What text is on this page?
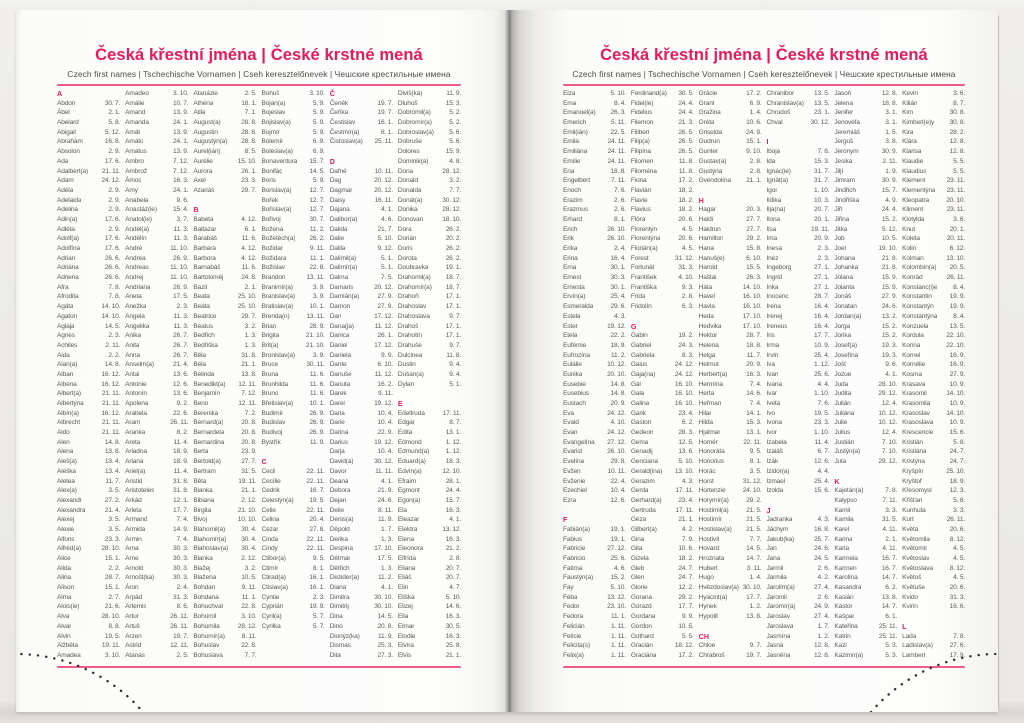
Česká křestní jména | České krstné mená
Czech first names | Tschechische Vornamen | Cseh keresztelőnevek | Чешские крестильные имена
A
Abdon	30. 7.
Ábel	2. 1.
Abelard	5. 8.
Abigail	5. 12.
Abrahám	16. 8.
Absolon	2. 9.
Ada	17. 6.
Adalbert(a) 21. 11.
Adam	24. 12.
Adéla	2. 9.
Adelaida	2. 9.
Adelina	2. 9.
Adin(a)	17. 6.
Adléta	2. 9.
Adolf(a)	17. 6.
Adolfína	17. 6.
Adrian	26. 6.
Adriána	26. 6.
Adriena	26. 6.
Afra	7. 8.
Afrodita	7. 8.
Agáta	14. 10.
Agaton	14. 10.
Aglaja	14. 5.
Agnes	2. 3.
Achiles	2. 11.
Aida	2. 2.
Alan(a)	14. 8.
Alban	16. 12.
Albena	16. 12.
Albert(a)	21. 11.
Albertýna	21. 11.
Albín(a)	16. 12.
Albrecht	21. 11.
Aldo	21. 11.
Alen	14. 8.
Alena	13. 8.
Aleš(a)	13. 4.
Aleška	13. 4.
Aletea	11. 7.
Alex(a)	3. 5.
Alexandr	27. 2.
Alexandra	21. 4.
Alexej	3. 5.
Alexie	3. 5.
Alfons	23. 3.
Alfréd(a)	28. 10.
Alice	15. 1.
Alida	2. 2.
Alina	28. 7.
Alison	15. 1.
Alma	2. 7.
Alois(ie)	21. 6.
Alva	28. 10.
Alvar	8. 8.
Alvin	19. 5.
Alžběta	19. 11.
Amadea	3. 10.
Amadeo	3. 10.
Amálie	10. 7.
Amand	13. 9.
Amanda	24. 1.
Amát	13. 9.
Amáto	24. 1.
Amatus	13. 9.
Ambro	7. 12.
Ambrož	7. 12.
Ámos	16. 3.
Amy	24. 1.
Anabela	9. 6.
Anastáz(ie) 15. 4.
Anatol(ie)	3. 7.
Anděl(a)	11. 3.
Andělín	11. 3.
André	11. 10.
Andrea	26. 9.
Andreas	11. 10.
Andrej	11. 10.
Andriana	26. 9.
Aneta	17. 5.
Anežka	2. 3.
Angela	11. 3.
Angelika	11. 3.
Anika	26. 7.
Anita	26. 7.
Anna	26. 7.
Anselm(a)	21. 4.
Antal	13. 6.
Antonie	12. 6.
Antonín	13. 6.
Apolena	9. 2.
Arabela	22. 6.
Aram	26. 11.
Aranka	8. 2.
Areta	11. 4.
Ariadna	18. 9.
Ariana	18. 9.
Ariel(a)	11. 4.
Aristid	31. 8.
Aristoteles	31. 8.
Arkád	12. 1.
Arleta	17. 7.
Armand	7. 4.
Armida	14. 9.
Armin	7. 4.
Arna	30. 3.
Arne	30. 3.
Arnold	30. 3.
Arnošt(ka)	30. 3.
Áron	2. 4.
Arpád	31. 3.
Artemis	8. 6.
Artur	26. 11.
Artuš	26. 11.
Arzen	19. 7.
Astrid	12. 11.
Atanas	2. 5.
Atanázie	2. 5.
Athéna	18. 1.
Atila	7. 1.
August(a)	28. 8.
Augustin	28. 8.
Augustýn(a) 28. 8.
Aurel(ián)	8. 5.
Aurélie	15. 10.
Aurora	26. 1.
Axel	23. 3.
Azariáš	29. 7.
B
Babeta	4. 12.
Baltazar	6. 1.
Barabáš	11. 6.
Barbara	4. 12.
Barbora	4. 12.
Barnabáš	11. 6.
Bartoloměj	24. 8.
Bazil	2. 1.
Beata	25. 10.
Beáta	25. 10.
Beatrice	29. 7.
Beatus	3. 2.
Bedřich	1. 3.
Bedřiška	1. 3.
Běla	31. 8.
Béla	21. 1.
Belinda	13. 8.
Benedikt(a) 12. 11.
Benjamín	7. 12.
Beno	12. 11.
Berenika	7. 2.
Bernard(a)	20. 8.
Bernardeta	20. 8.
Bernardina	20. 8.
Berta	23. 9.
Bertold(a)	27. 7.
Bertram	31. 5.
Běta	19. 11.
Bianka	21. 1.
Bibiana	2. 12.
Birgita	21. 10.
Bivoj	10. 10.
Blahomil(a) 30. 4.
Blahomír(a) 30. 4.
Blahoslav(a) 30. 4.
Blanka	2. 12.
Blažej	3. 2.
Blažena	10. 5.
Bohdan	9. 11.
Bohdana	11. 1.
Bohuchval	22. 8.
Bohumil	3. 10.
Bohumila	28. 12.
Bohumír(a)	8. 11.
Bohuslav	22. 8.
Bohuslava	7. 7.
Bohuš	3. 10.
Bojan(a)	5. 9.
Bojeslav	5. 9.
Bojislav(a)	5. 9.
Bojmír	5. 9.
Bolemír	6. 9.
Boleslav(a)	6. 9.
Bonaventura 15. 7.
Bonifác	14. 5.
Boris	5. 9.
Borislav(a)	12. 7.
Bořek	12. 7.
Bořislav(a)	12. 7.
Bořivoj	30. 7.
Božena	11. 2.
Božetěch(a) 26. 2.
Božidar	9. 11.
Božidara	11. 1.
Božislav	22. 8.
Brandon	13. 11.
Branimír(a)	3. 9.
Branislav(a)	3. 9.
Bratislav(a) 10. 1.
Brenda(n)	13. 11.
Brian	28. 9.
Brigita	21. 10.
Brit(a)	21. 10.
Bronislav(a)	3. 9.
Bruce	30. 11.
Bruna	11. 6.
Brunhilda	11. 6.
Bruno	11. 6.
Břetislav(a) 10. 1.
Budimír	26. 9.
Budislav	26. 9.
Budivoj	26. 9.
Bystřík	11. 9.
C
Cecil	22. 11.
Cecílie	22. 11.
Cedrik	16. 7.
Celestýn(a) 19. 5.
Celie	22. 11.
Celina	20. 4.
Cézar	27. 8.
Cinda	22. 11.
Cindy	22. 11.
Ctibor(a)	9. 5.
Ctimír	8. 1.
Ctirad(a)	16. 1.
Ctislav(a)	16. 1.
Cyntie	2. 3.
Cyprián	19. 9.
Cyril(a)	5. 7.
Cyrilka	5. 7.
Č
Čeněk	19. 7.
Čeňka	19. 7.
Čestislav	16. 1.
Čestmír(a)	8. 1.
Čistoslav(a) 25. 11.
D
Dafné	10. 11.
Dag	20. 12.
Dagmar	20. 12.
Daisy	16. 11.
Dajana	4. 1.
Dalibor(a)	4. 6.
Dalida	21. 7.
Dalie	5. 10.
Dalila	9. 12.
Dalimil(a)	5. 1.
Dalimír(a)	5. 1.
Dalma	7. 5.
Damaris	20. 12.
Damián(a)	27. 9.
Damon	27. 9.
Dan	17. 12.
Dana(ja)	11. 12.
Danica	26. 1.
Daniel	17. 12.
Daniela	9. 9.
Dante	6. 10.
Danuše	11. 12.
Danuta	16. 2.
Darek	9. 11.
Darel	19. 12.
Daria	10. 4.
Darie	10. 4.
Darina	22. 9.
Darius	19. 12.
Darja	10. 4.
David(a)	30. 12.
Davor	11. 11.
Deana	4. 1.
Debora	21. 9.
Dejan	24. 6.
Delie	8. 11.
Denis(a)	11. 9.
Děpold	1. 7.
Derika	1. 3.
Despina	17. 10.
Dětmar	17. 5.
Dětřich	1. 3.
Dezider(a)	11. 2.
Diana	4. 1.
Dimitra	30. 10.
Dimitrij	30. 10.
Dina	14. 5.
Dino	20. 8.
Dionýz(ka)	11. 9.
Dismas	25. 3.
Dita	27. 3.
Diviš(ka)	11. 9.
Dluhoš	15. 3.
Dobromil(a)	5. 2.
Dobromír(a)	5. 2.
Dobroslav(a) 5. 6.
Dobruše	5. 6.
Dolores	15. 9.
Dominik(a)	4. 8.
Dona	28. 12.
Donald	3. 2.
Donalda	7. 7.
Donát(a)	30. 12.
Donika	28. 12.
Donovan	18. 10.
Dora	26. 2.
Dorián	20. 2.
Doris	26. 2.
Dorota	26. 2.
Doubravka	19. 1.
Drahomil(a) 18. 7.
Drahomír(a) 18. 7.
Drahoň	17. 1.
Drahoslav	17. 1.
Drahoslava	9. 7.
Drahoš	17. 1.
Drahotín	17. 1.
Drahuše	9. 7.
Dulcinea	11. 8.
Dustin	9. 4.
Dušan(a)	9. 4.
Dylan	5. 1.
E
Edeltruda	17. 11.
Edgar	8. 7.
Edita	13. 1.
Edmond	1. 12.
Edmund(a)	1. 12.
Eduard(a)	18. 3.
Edvín(a)	12. 10.
Efraim	28. 1.
Egmont	24. 4.
Egon(a)	15. 7.
Ela	16. 3.
Eleazar	4. 1.
Elektra	13. 12.
Elena	16. 3.
Eleonora	21. 2.
Elfrída	2. 8.
Eliana	20. 7.
Eliáš	20. 7.
Elin	4. 7.
Eliška	5. 10.
Elizej	14. 6.
Ella	16. 3.
Elmar	30. 5.
Elodie	16. 3.
Elvíra	25. 8.
Elvis	21. 1.
Česká křestní jména | České krstné mená
Czech first names | Tschechische Vornamen | Cseh keresztelőnevek | Чешские крестильные имена
Elza	5. 10.
Ema	8. 4.
Emanuel(a) 26. 3.
Emerich	5. 11.
Emil(ián)	22. 5.
Emila	24. 11.
Emiliána	24. 11.
Emílie	24. 11.
Ena	18. 8.
Engelbert	7. 11.
Enoch	7. 6.
Erazim	2. 6.
Erazmus	2. 6.
Erhard	8. 1.
Erich	26. 10.
Erik	26. 10.
Erika	2. 4.
Erina	16. 4.
Erna	30. 1.
Ernest	30. 3.
Ernesta	30. 1.
Ervín(a)	25. 4.
Esmeralda	29. 6.
Estela	4. 3.
Ester	19. 12.
Etela	22. 2.
Eufémie	18. 9.
Eufrozína	11. 2.
Eulálie	10. 12.
Eunika	20. 10.
Eusebie	14. 8.
Eusebius	14. 8.
Eustach	20. 9.
Eva	24. 12.
Evald	4. 10.
Evan	24. 12.
Evangelína 27. 12.
Evarist	26. 10.
Evelína	29. 8.
Evžen	10. 11.
Evženie	22. 4.
Ezechiel	10. 4.
Ezra	12. 6.
F
Fabián(a)	19. 1.
Fabius	19. 1.
Fabricie	27. 12.
Fabricio	25. 6.
Fatima	4. 6.
Faustýn(a)	15. 2.
Fay	5. 10.
Féba	13. 12.
Fedor	23. 10.
Fedora	11. 1.
Felicián	1. 11.
Felície	1. 11.
Felicita(s)	1. 11.
Felix(a)	1. 11.
Ferdinand(a) 30. 5.
Fidel(ie)	24. 4.
Fidelius	24. 4.
Filemon	21. 3.
Filibert	26. 5.
Filip(a)	26. 5.
Filipína	26. 5.
Filomen	11. 8.
Filoména	11. 8.
Fiona	17. 2.
Flavián	18. 2.
Flavie	18. 2.
Flavius	18. 2.
Flóra	20. 6.
Florentýn	4. 5.
Florentýna	20. 6.
Florián(a)	4. 5.
Forest	31. 12.
Fortunát	31. 3.
František	4. 10.
Františka	9. 3.
Frída	2. 8.
Fridolín	6. 3.
G
Gabin	19. 2.
Gabriel	24. 3.
Gabriela	8. 3.
Gaius	24. 12.
Gaja(na)	24. 12.
Gál	16. 10.
Gala	16. 10.
Galina	16. 10.
Garik	23. 4.
Gaston	6. 2.
Gedeon	28. 3.
Gema	12. 5.
Genadij	13. 6.
Genciana	5. 10.
Gerald(ina) 13. 10.
Gerazim	4. 3.
Gerda	17. 11.
Gerhard(a)	23. 4.
Gertruda	17. 11.
Géza	21. 1.
Gilbert(a)	4. 2.
Gina	7. 9.
Gita	10. 6.
Gizela	18. 2.
Gleb	24. 7.
Glen	24. 7.
Glorie	12. 2.
Gorana	29. 2.
Gorazd	17. 7.
Gordana	9. 9.
Gordon	10. 5.
Gothard	5. 5.
Gracián	18. 12.
Graciána	17. 2.
Grácie	17. 2.
Grant	6. 9.
Gražina	1. 4.
Gréta	10. 6.
Griselda	24. 9.
Gudrun	15. 1.
Gunter	9. 10.
Gustav(a)	2. 8.
Gustýna	2. 8.
Gvendolína 21. 1.
H
Hagar	20. 3.
Haidi	27. 7.
Haidrun	27. 7.
Hamilton	29. 2.
Hana	15. 8.
Hanuš(e)	6. 10.
Harold	15. 5.
Haštal	26. 3.
Háta	14. 10.
Havel	16. 10.
Havla	16. 10.
Heda	17. 10.
Hedvika	17. 10.
Hektor	28. 7.
Helena	18. 8.
Helga	11. 7.
Helmut	20. 9.
Herbert(a)	16. 3.
Hermína	7. 4.
Herta	14. 6.
Heřman	7. 4.
Hilar	14. 1.
Hilda	15. 3.
Hjalmar	13. 1.
Homér	22. 11.
Honoráta	9. 5.
Honorius	8. 1.
Horác	3. 5.
Horst	31. 12.
Hortenzie	24. 10.
Horymír(a)	29. 2.
Hostimil(a)	21. 5.
Hostimír	21. 5.
Hostislav(a) 21. 5.
Hostivít	7. 7.
Hovard	14. 5.
Hroznata	14. 7.
Hubert	3. 11.
Hugo	1. 4.
Hvězdoslav(a) 30. 10.
Hyacint(a)	17. 7.
Hynek	1. 2.
Hypolit	13. 8.
CH
Chloe	9. 7.
Chrabroš	19. 7.
Chranibor	13. 5.
Chranislav(a) 13. 5.
Chrudoš	23. 1.
Chval	30. 12.
I
Iboja	7. 8.
Ida	15. 3.
Ignác(ie)	31. 7.
Ignát(a)	31. 7.
Igor	1. 10.
Ildika	10. 3.
Ilja(na)	20. 7.
Ilona	20. 1.
Ilsa	19. 11.
Ima	20. 9.
Inesa	2. 3.
Inéz	2. 3.
Ingeborg	27. 1.
Ingrid	27. 1.
Inka	27. 1.
Inocenc	28. 7.
Irena	16. 4.
Irenej	16. 4.
Ireneus	16. 4.
Iris	17. 7.
Irma	10. 9.
Irvin	25. 4.
Iva	1. 12.
Ivan	25. 6.
Ivana	4. 4.
Ivar	1. 10.
Iveta	7. 6.
Ivo	19. 5.
Ivona	23. 3.
Ivor	1. 10.
Izabela	11. 4.
Izaiáš	6. 7.
Izák	12. 6.
Izidor(a)	4. 4.
Izmael	25. 4.
Izolda	15. 6.
J
Jadranka	4. 3.
Jáchym	16. 8.
Jakub(ka)	25. 7.
Jan	24. 6.
Jana	24. 5.
Jarmil	2. 6.
Jarmila	4. 2.
Jarolím(a)	27. 4.
Jaromil	2. 6.
Jaromír(a)	24. 9.
Jaroslav	27. 4.
Jaroslava	1. 7.
Jasmína	1. 2.
Jasna	12. 8.
Jasněna	12. 8.
Jasoň	12. 8.
Jelena	18. 8.
Jenifer	3. 1.
Jenovéfa	3. 1.
Jeremiáš	1. 5.
Jerguš	3. 8.
Jeronym	30. 9.
Jesika	2. 11.
Jiljí	1. 9.
Jimram	30. 9.
Jindřich	15. 7.
Jindřiška	4. 9.
Jiří	24. 4.
Jiřina	15. 2.
Jitka	5. 12.
Job	10. 5.
Joel	19. 10.
Johana	21. 8.
Johanka	21. 8.
Jolana	15. 9.
Jolanta	15. 9.
Jonáš	27. 9.
Jonatan	24. 6.
Jordan(a)	13. 2.
Jorga	15. 2.
Jorika	15. 2.
Josef(a)	19. 3.
Josefína	19. 3.
Jošt	9. 6.
Jozue	4. 1.
Juda	28. 10.
Judita	29. 12.
Julián	12. 4.
Juliána	10. 12.
Julie	10. 12.
Julius	12. 4.
Justián	7. 10.
Justýn(a)	7. 10.
Juta	29. 12.
K
Kajetán(a)	7. 8.
Kalypso	7. 11.
Kamil	3. 3.
Kamila	31. 5.
Karel	4. 11.
Karina	2. 1.
Karla	4. 11.
Karmela	16. 7.
Karmen	16. 7.
Karolína	14. 7.
Kasandra	6. 2.
Kasián	13. 8.
Kastor	14. 7.
Kašpar	6. 1.
Kateřina	25. 11.
Katrin	25. 11.
Kazi	5. 3.
Kazimír(a)	5. 3.
Kevin	3. 6.
Kilián	8. 7.
Kim	30. 8.
Kimberl(e)y 30. 8.
Kira	28. 2.
Klára	12. 8.
Klarisa	12. 8.
Klaudie	5. 5.
Klaudius	5. 5.
Klement	23. 11.
Klementýna 23. 11.
Kleopatra	20. 10.
Kliment	23. 11.
Klotylda	3. 6.
Knut	20. 1.
Koleta	20. 11.
Kolin	6. 12.
Kolman	13. 10.
Kolombín(a) 20. 5.
Konrád	26. 11.
Konstanc(i)e 8. 4.
Konstantin	19. 9.
Konstantýn 19. 9.
Konstantýna 8. 4.
Konzuela	13. 5.
Kordula	22. 10.
Korina	22. 10.
Kornel	16. 9.
Kornélie	16. 9.
Kosma	27. 9.
Krasava	10. 9.
Krasomil	14. 10.
Krasomila	10. 9.
Krasoslav 14. 10.
Krasoslava 10. 9.
Krescencie 15. 6.
Kristián	5. 8.
Kristiána	24. 7.
Kristýna	24. 7.
Kryšpín	25. 10.
Kryštof	18. 9.
Křesomysl	12. 3.
Křišťan	5. 8.
Kunhuta	3. 3.
Kurt	26. 11.
Květa	20. 6.
Květomila	8. 12.
Květomír	4. 5.
Květoslav	4. 5.
Květoslava	8. 12.
Květoš	4. 5.
Květuše	20. 6.
Kvido	31. 3.
Kvirin	16. 6.
L
Lada	7. 8.
Ladislav(a)	27. 6.
Lambert	17. 9.
